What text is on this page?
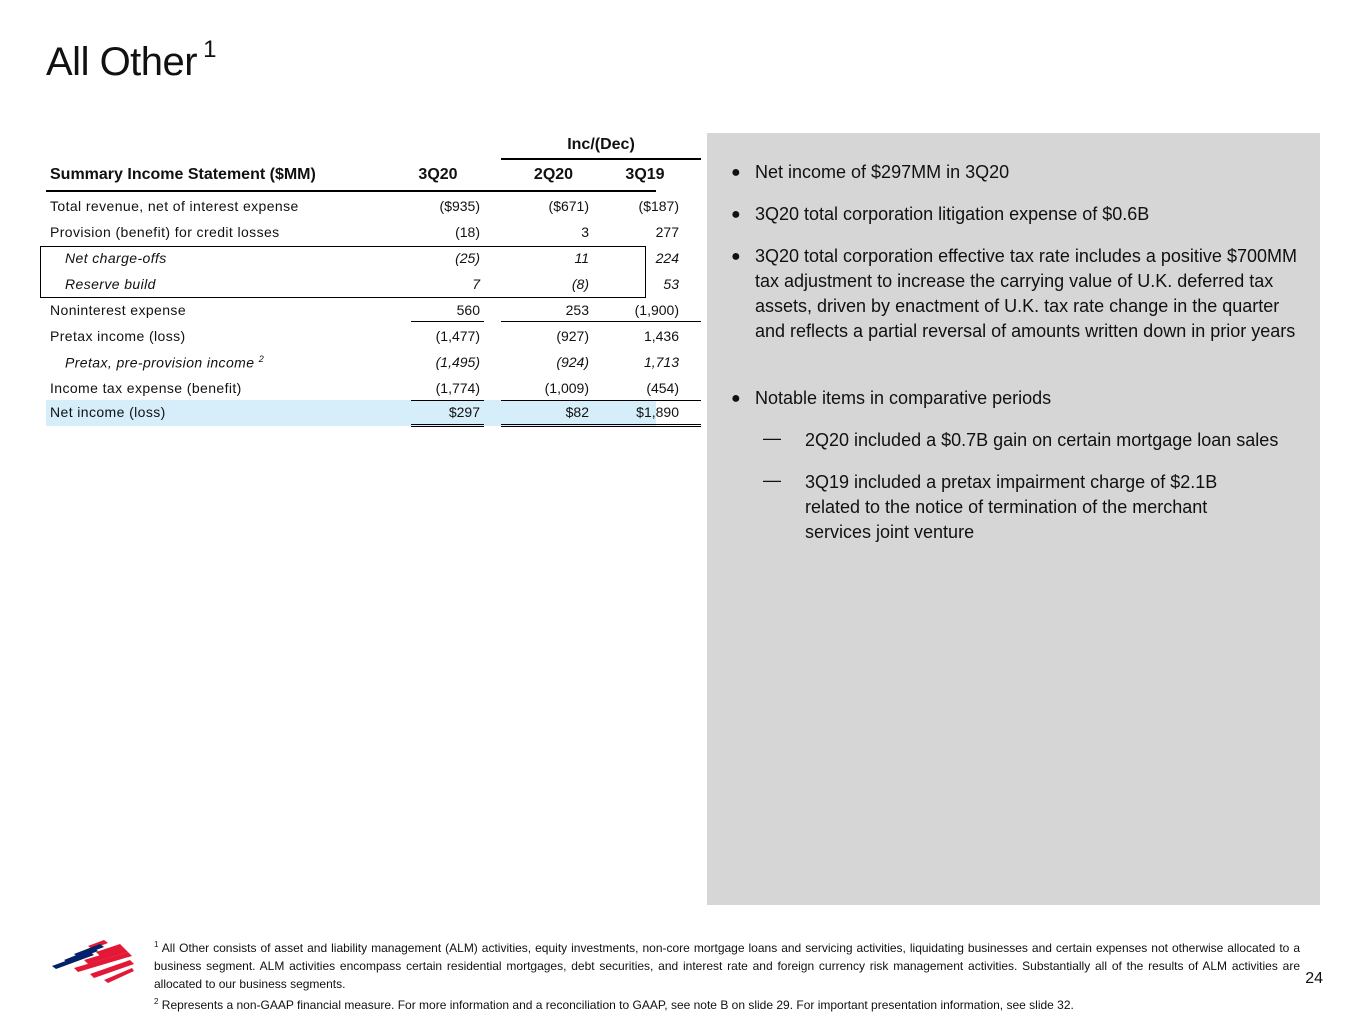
All Other $^1$
Inc/(Dec)
Summary Income Statement ($MM)	3Q20	2Q20	3Q19
Total revenue, net of interest expense	($935)	($671)	($187)
Provision (benefit) for credit losses	(18)	3	277
Net charge-offs	(25)	11	224
Reserve build	7	(8)	53
Noninterest expense	560	253	(1,900)
Pretax income (loss)	(1,477)	(927)	1,436
Pretax, pre-provision income $^2$	(1,495)	(924)	1,713
Income tax expense (benefit)	(1,774)	(1,009)	(454)
Net income (loss)	$297	$82	$1,890
● Net income of $297MM in 3Q20
● 3Q20 total corporation litigation expense of $0.6B
● 3Q20 total corporation effective tax rate includes a positive $700MM tax adjustment to increase the carrying value of U.K. deferred tax assets, driven by enactment of U.K. tax rate change in the quarter and reflects a partial reversal of amounts written down in prior years
● Notable items in comparative periods
— 2Q20 included a $0.7B gain on certain mortgage loan sales
— 3Q19 included a pretax impairment charge of $2.1B related to the notice of termination of the merchant services joint venture

$^1$ All Other consists of asset and liability management (ALM) activities, equity investments, non-core mortgage loans and servicing activities, liquidating businesses and certain expenses not otherwise allocated to a business segment. ALM activities encompass certain residential mortgages, debt securities, and interest rate and foreign currency risk management activities. Substantially all of the results of ALM activities are allocated to our business segments.

$^2$ Represents a non-GAAP financial measure. For more information and a reconciliation to GAAP, see note B on slide 29. For important presentation information, see slide 32.

24
